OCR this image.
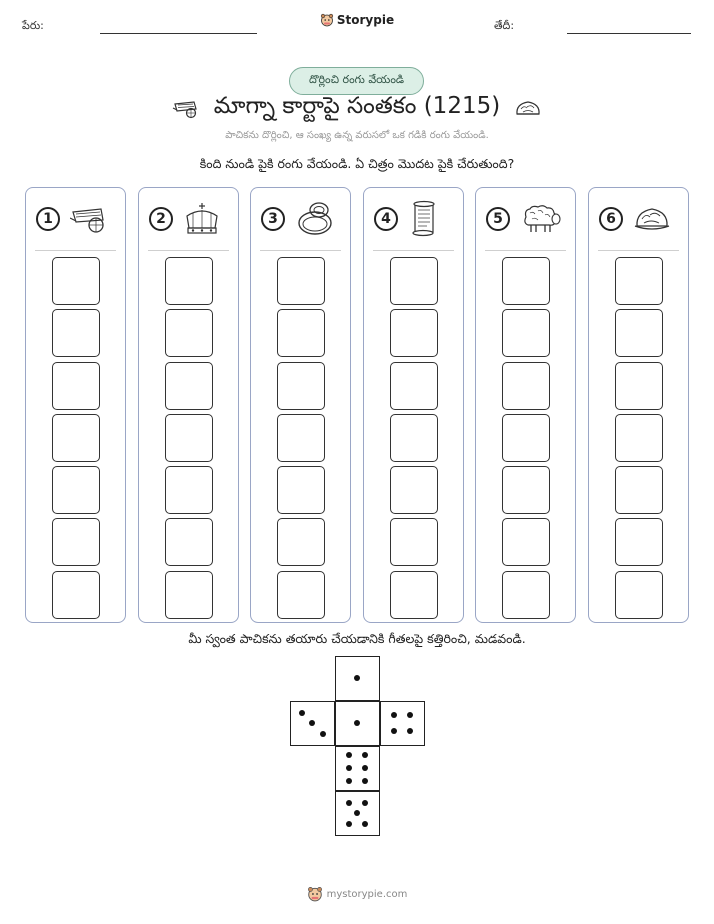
పేరు:	Storypie	తేదీ:
దొర్లించి రంగు వేయండి
మాగ్నా కార్టాపై సంతకం (1215)
పాచికను దొర్లించి, ఆ సంఖ్య ఉన్న వరుసలో ఒక గడికి రంగు వేయండి.
కింది నుండి పైకి రంగు వేయండి. ఏ చిత్రం మొదట పైకి చేరుతుంది?
1	2	3	4	5	6
మీ స్వంత పాచికను తయారు చేయడానికి గీతలపై కత్తిరించి, మడవండి.
mystorypie.com
